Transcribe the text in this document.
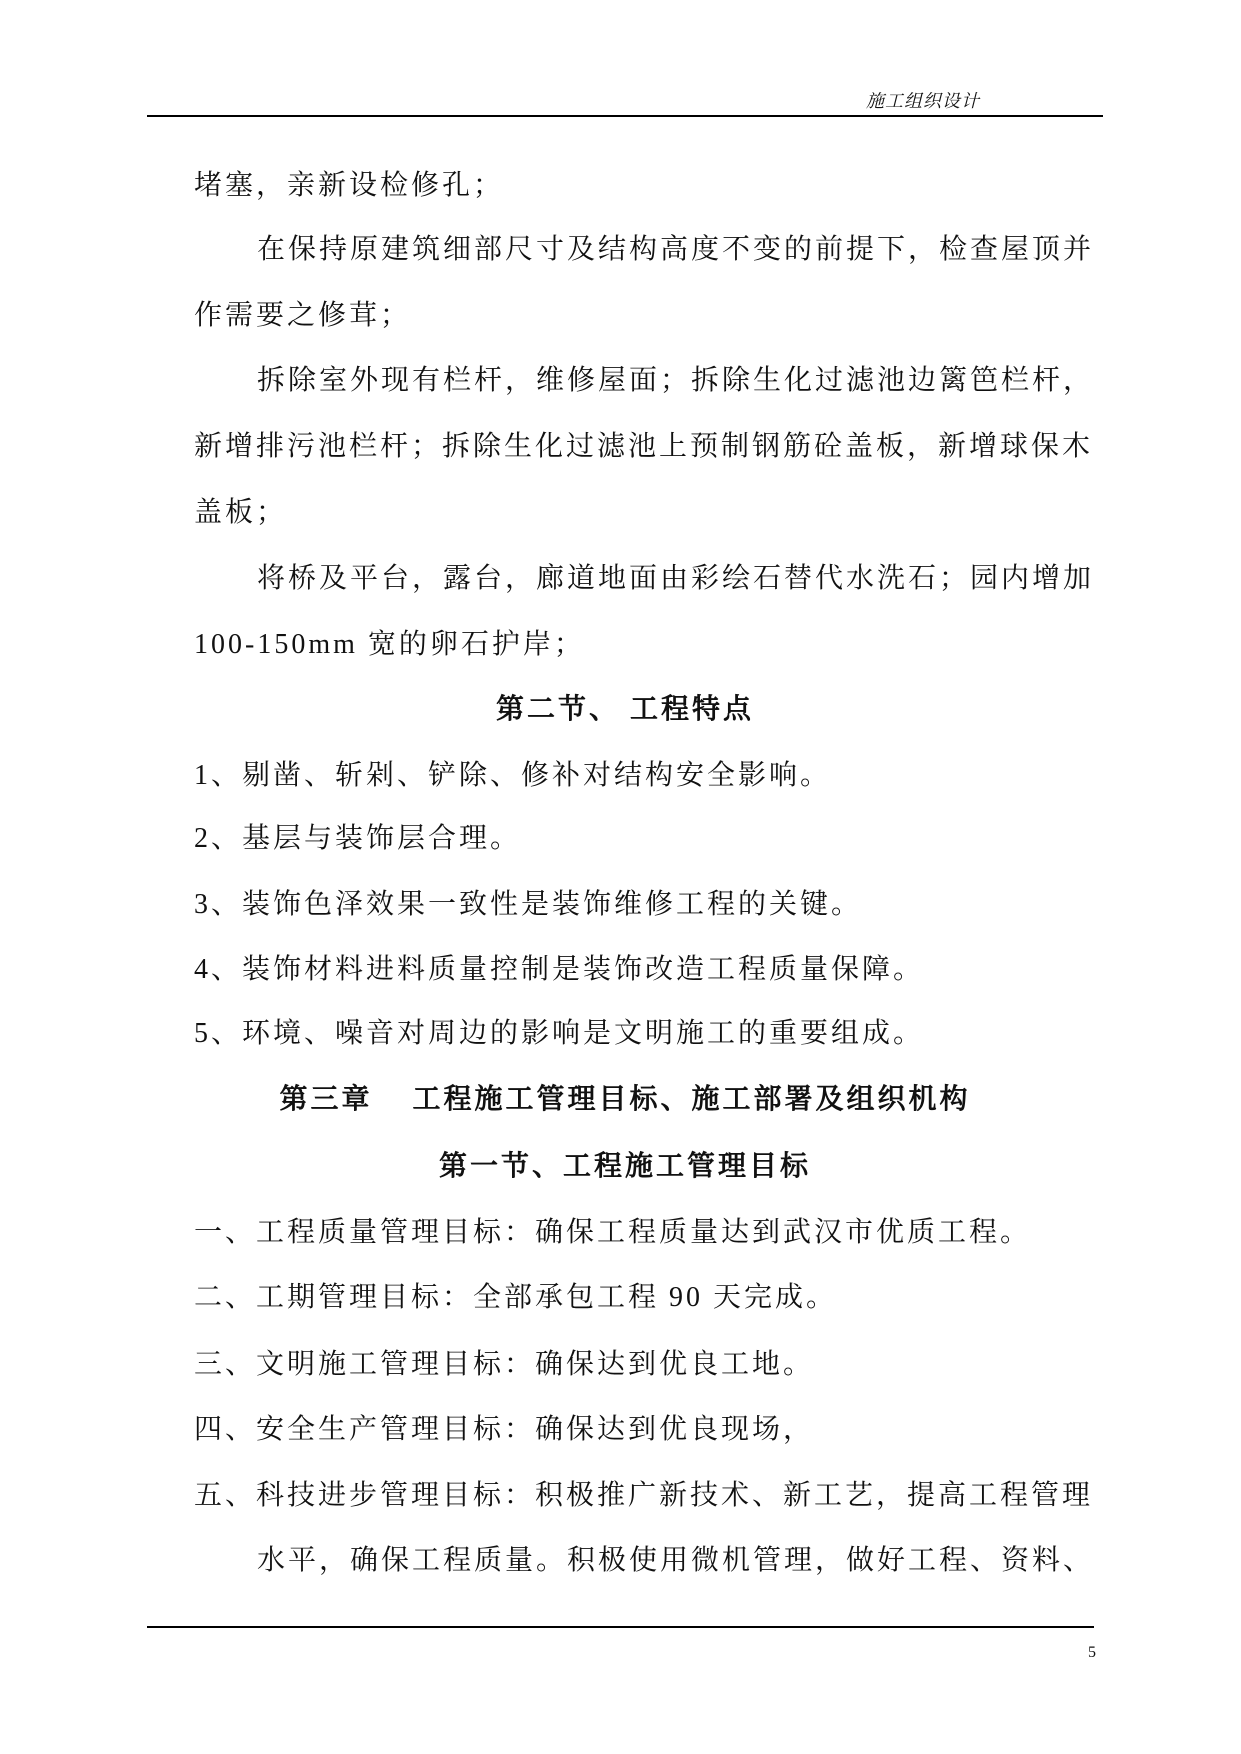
施工组织设计
堵塞，亲新设检修孔；
在保持原建筑细部尺寸及结构高度不变的前提下，检查屋顶并
作需要之修茸；
拆除室外现有栏杆，维修屋面；拆除生化过滤池边篱笆栏杆，
新增排污池栏杆；拆除生化过滤池上预制钢筋砼盖板，新增球保木
盖板；
将桥及平台，露台，廊道地面由彩绘石替代水洗石；园内增加
100-150mm 宽的卵石护岸；
第二节、 工程特点
1、剔凿、斩剁、铲除、修补对结构安全影响。
2、基层与装饰层合理。
3、装饰色泽效果一致性是装饰维修工程的关键。
4、装饰材料进料质量控制是装饰改造工程质量保障。
5、环境、噪音对周边的影响是文明施工的重要组成。
第三章    工程施工管理目标、施工部署及组织机构
第一节、工程施工管理目标
一、工程质量管理目标：确保工程质量达到武汉市优质工程。
二、工期管理目标：全部承包工程 90 天完成。
三、文明施工管理目标：确保达到优良工地。
四、安全生产管理目标：确保达到优良现场，
五、科技进步管理目标：积极推广新技术、新工艺，提高工程管理
水平，确保工程质量。积极使用微机管理，做好工程、资料、
5
